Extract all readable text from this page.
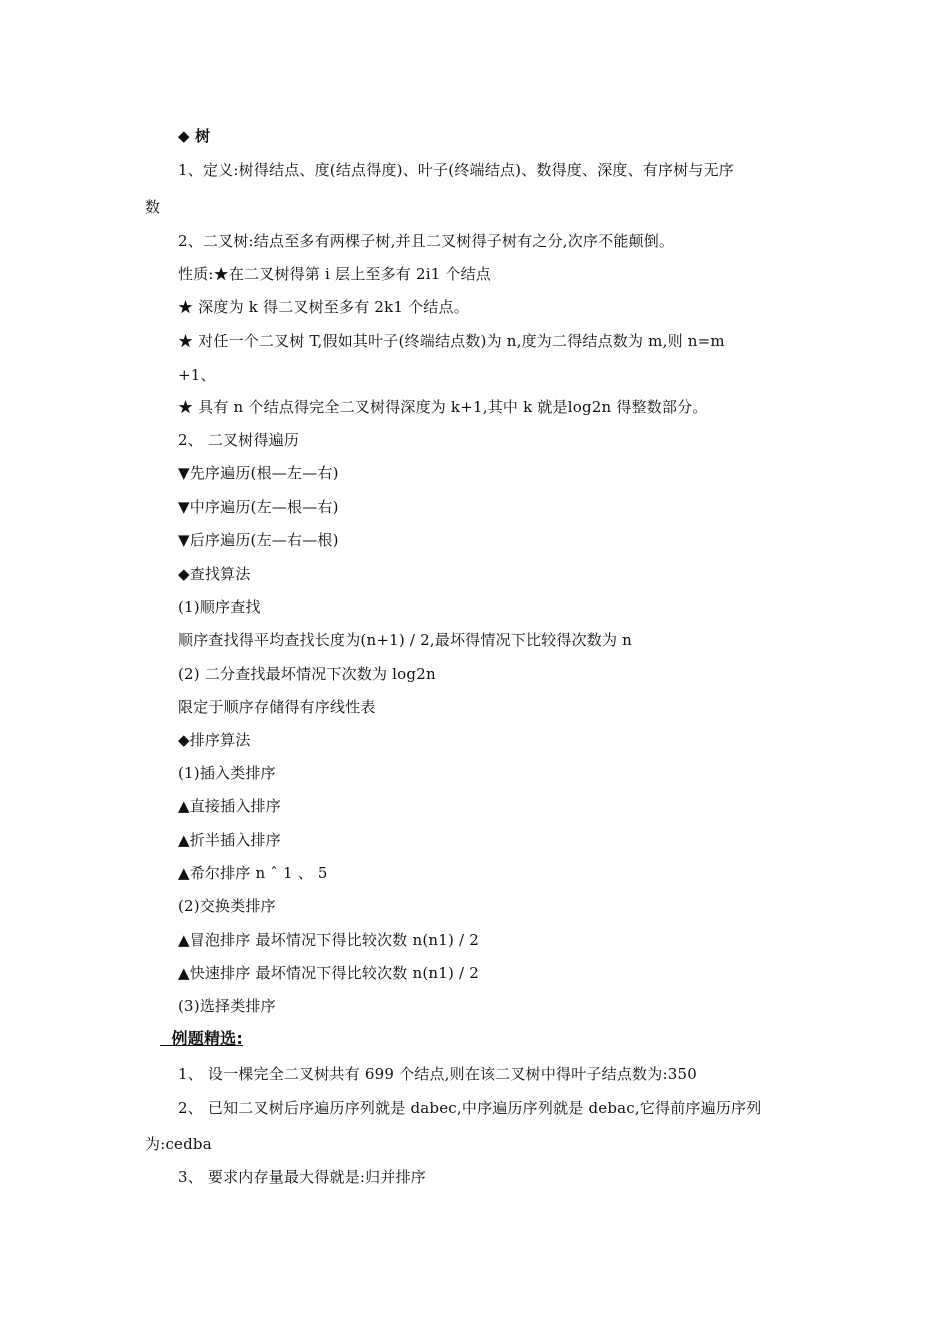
◆ 树
1、定义:树得结点、度(结点得度)、叶子(终端结点)、数得度、深度、有序树与无序
数
2、二叉树:结点至多有两棵子树,并且二叉树得子树有之分,次序不能颠倒。
性质:★在二叉树得第 i 层上至多有 2i1 个结点
★ 深度为 k 得二叉树至多有 2k1 个结点。
★ 对任一个二叉树 T,假如其叶子(终端结点数)为 n,度为二得结点数为 m,则 n=m
+1、
★ 具有 n 个结点得完全二叉树得深度为 k+1,其中 k 就是log2n 得整数部分。
2、 二叉树得遍历
▼先序遍历(根—左—右)
▼中序遍历(左—根—右)
▼后序遍历(左—右—根)
◆查找算法
(1)顺序查找
顺序查找得平均查找长度为(n+1) / 2,最坏得情况下比较得次数为 n
(2) 二分查找最坏情况下次数为 log2n
限定于顺序存储得有序线性表
◆排序算法
(1)插入类排序
▲直接插入排序
▲折半插入排序
▲希尔排序 n ˆ 1 、 5
(2)交换类排序
▲冒泡排序 最坏情况下得比较次数 n(n1) / 2
▲快速排序 最坏情况下得比较次数 n(n1) / 2
(3)选择类排序
例题精选:
1、 设一棵完全二叉树共有 699 个结点,则在该二叉树中得叶子结点数为:350
2、 已知二叉树后序遍历序列就是 dabec,中序遍历序列就是 debac,它得前序遍历序列
为:cedba
3、 要求内存量最大得就是:归并排序
